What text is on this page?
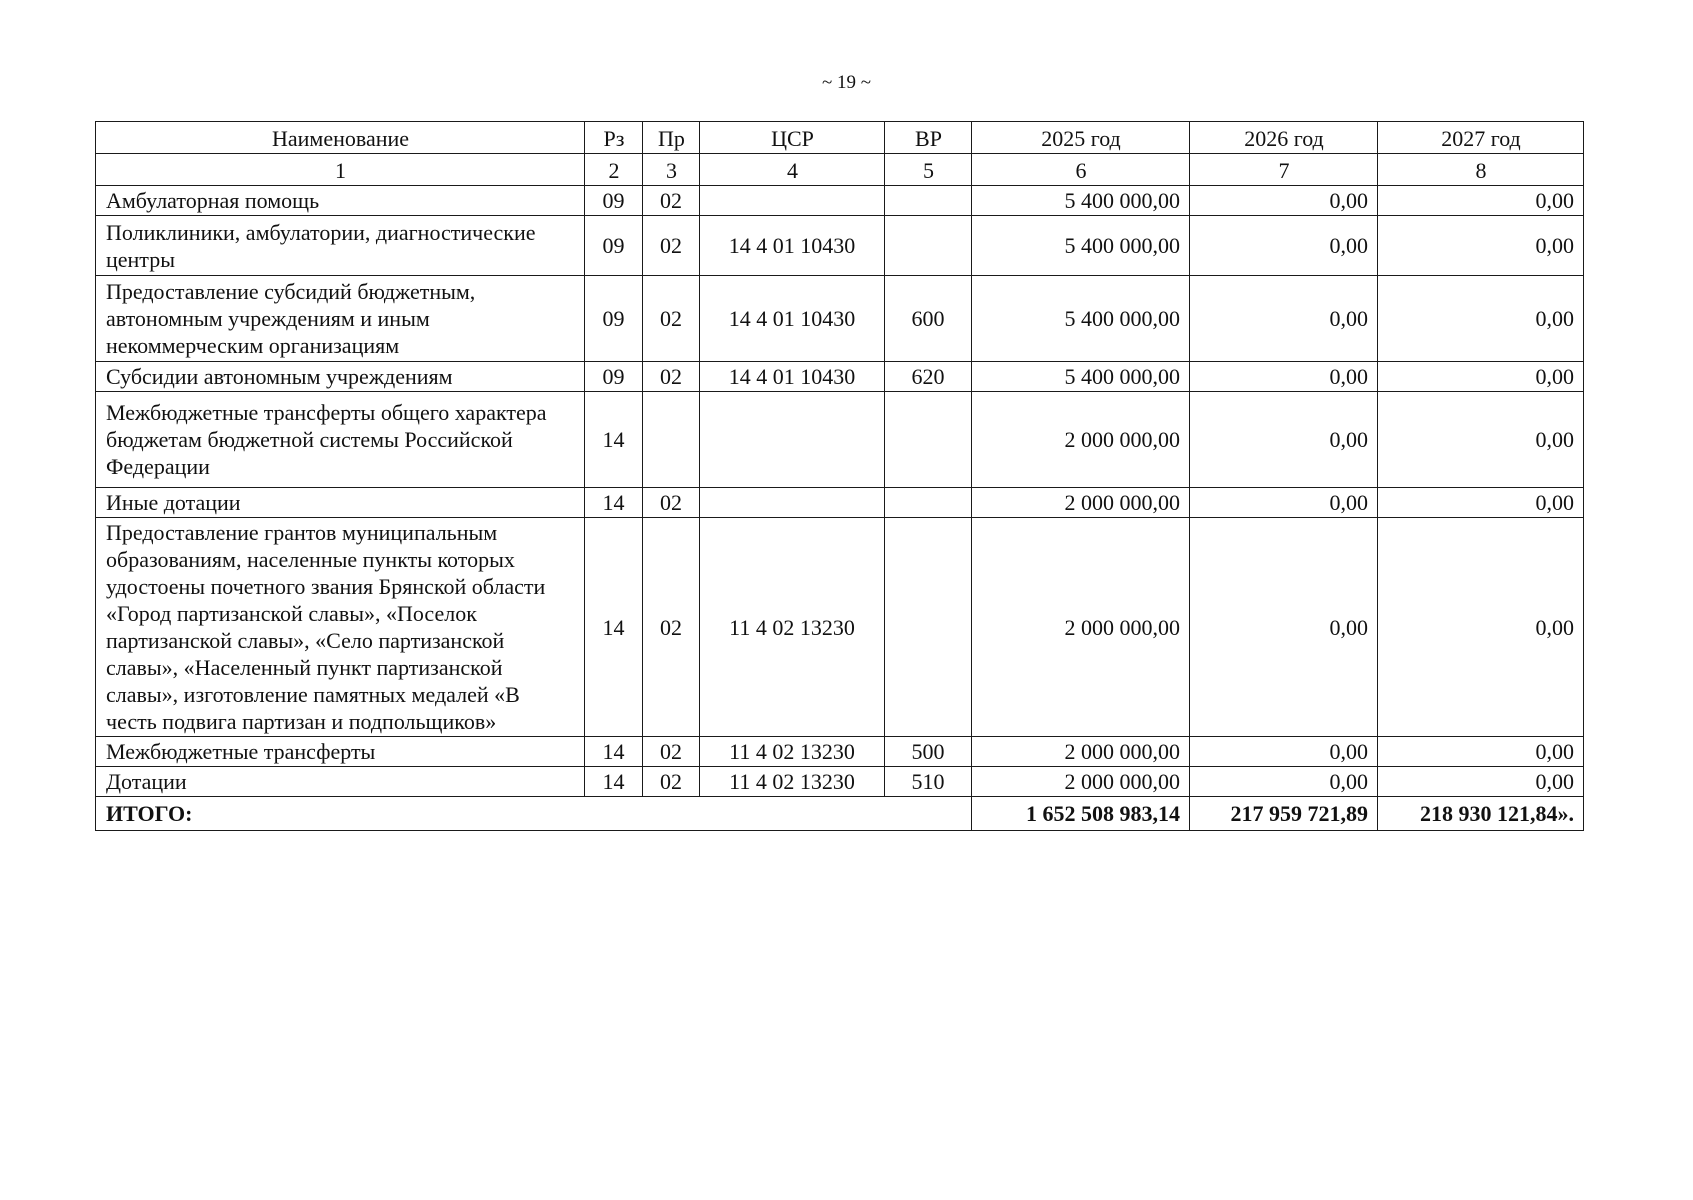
~ 19 ~
Наименование	Рз	Пр	ЦСР	ВР	2025 год	2026 год	2027 год
1	2	3	4	5	6	7	8
Амбулаторная помощь	09	02			5 400 000,00	0,00	0,00
Поликлиники, амбулатории, диагностические центры	09	02	14 4 01 10430		5 400 000,00	0,00	0,00
Предоставление субсидий бюджетным, автономным учреждениям и иным некоммерческим организациям	09	02	14 4 01 10430	600	5 400 000,00	0,00	0,00
Субсидии автономным учреждениям	09	02	14 4 01 10430	620	5 400 000,00	0,00	0,00
Межбюджетные трансферты общего характера бюджетам бюджетной системы Российской Федерации	14				2 000 000,00	0,00	0,00
Иные дотации	14	02			2 000 000,00	0,00	0,00
Предоставление грантов муниципальным образованиям, населенные пункты которых удостоены почетного звания Брянской области «Город партизанской славы», «Поселок партизанской славы», «Село партизанской славы», «Населенный пункт партизанской славы», изготовление памятных медалей «В честь подвига партизан и подпольщиков»	14	02	11 4 02 13230		2 000 000,00	0,00	0,00
Межбюджетные трансферты	14	02	11 4 02 13230	500	2 000 000,00	0,00	0,00
Дотации	14	02	11 4 02 13230	510	2 000 000,00	0,00	0,00
ИТОГО:					1 652 508 983,14	217 959 721,89	218 930 121,84».
